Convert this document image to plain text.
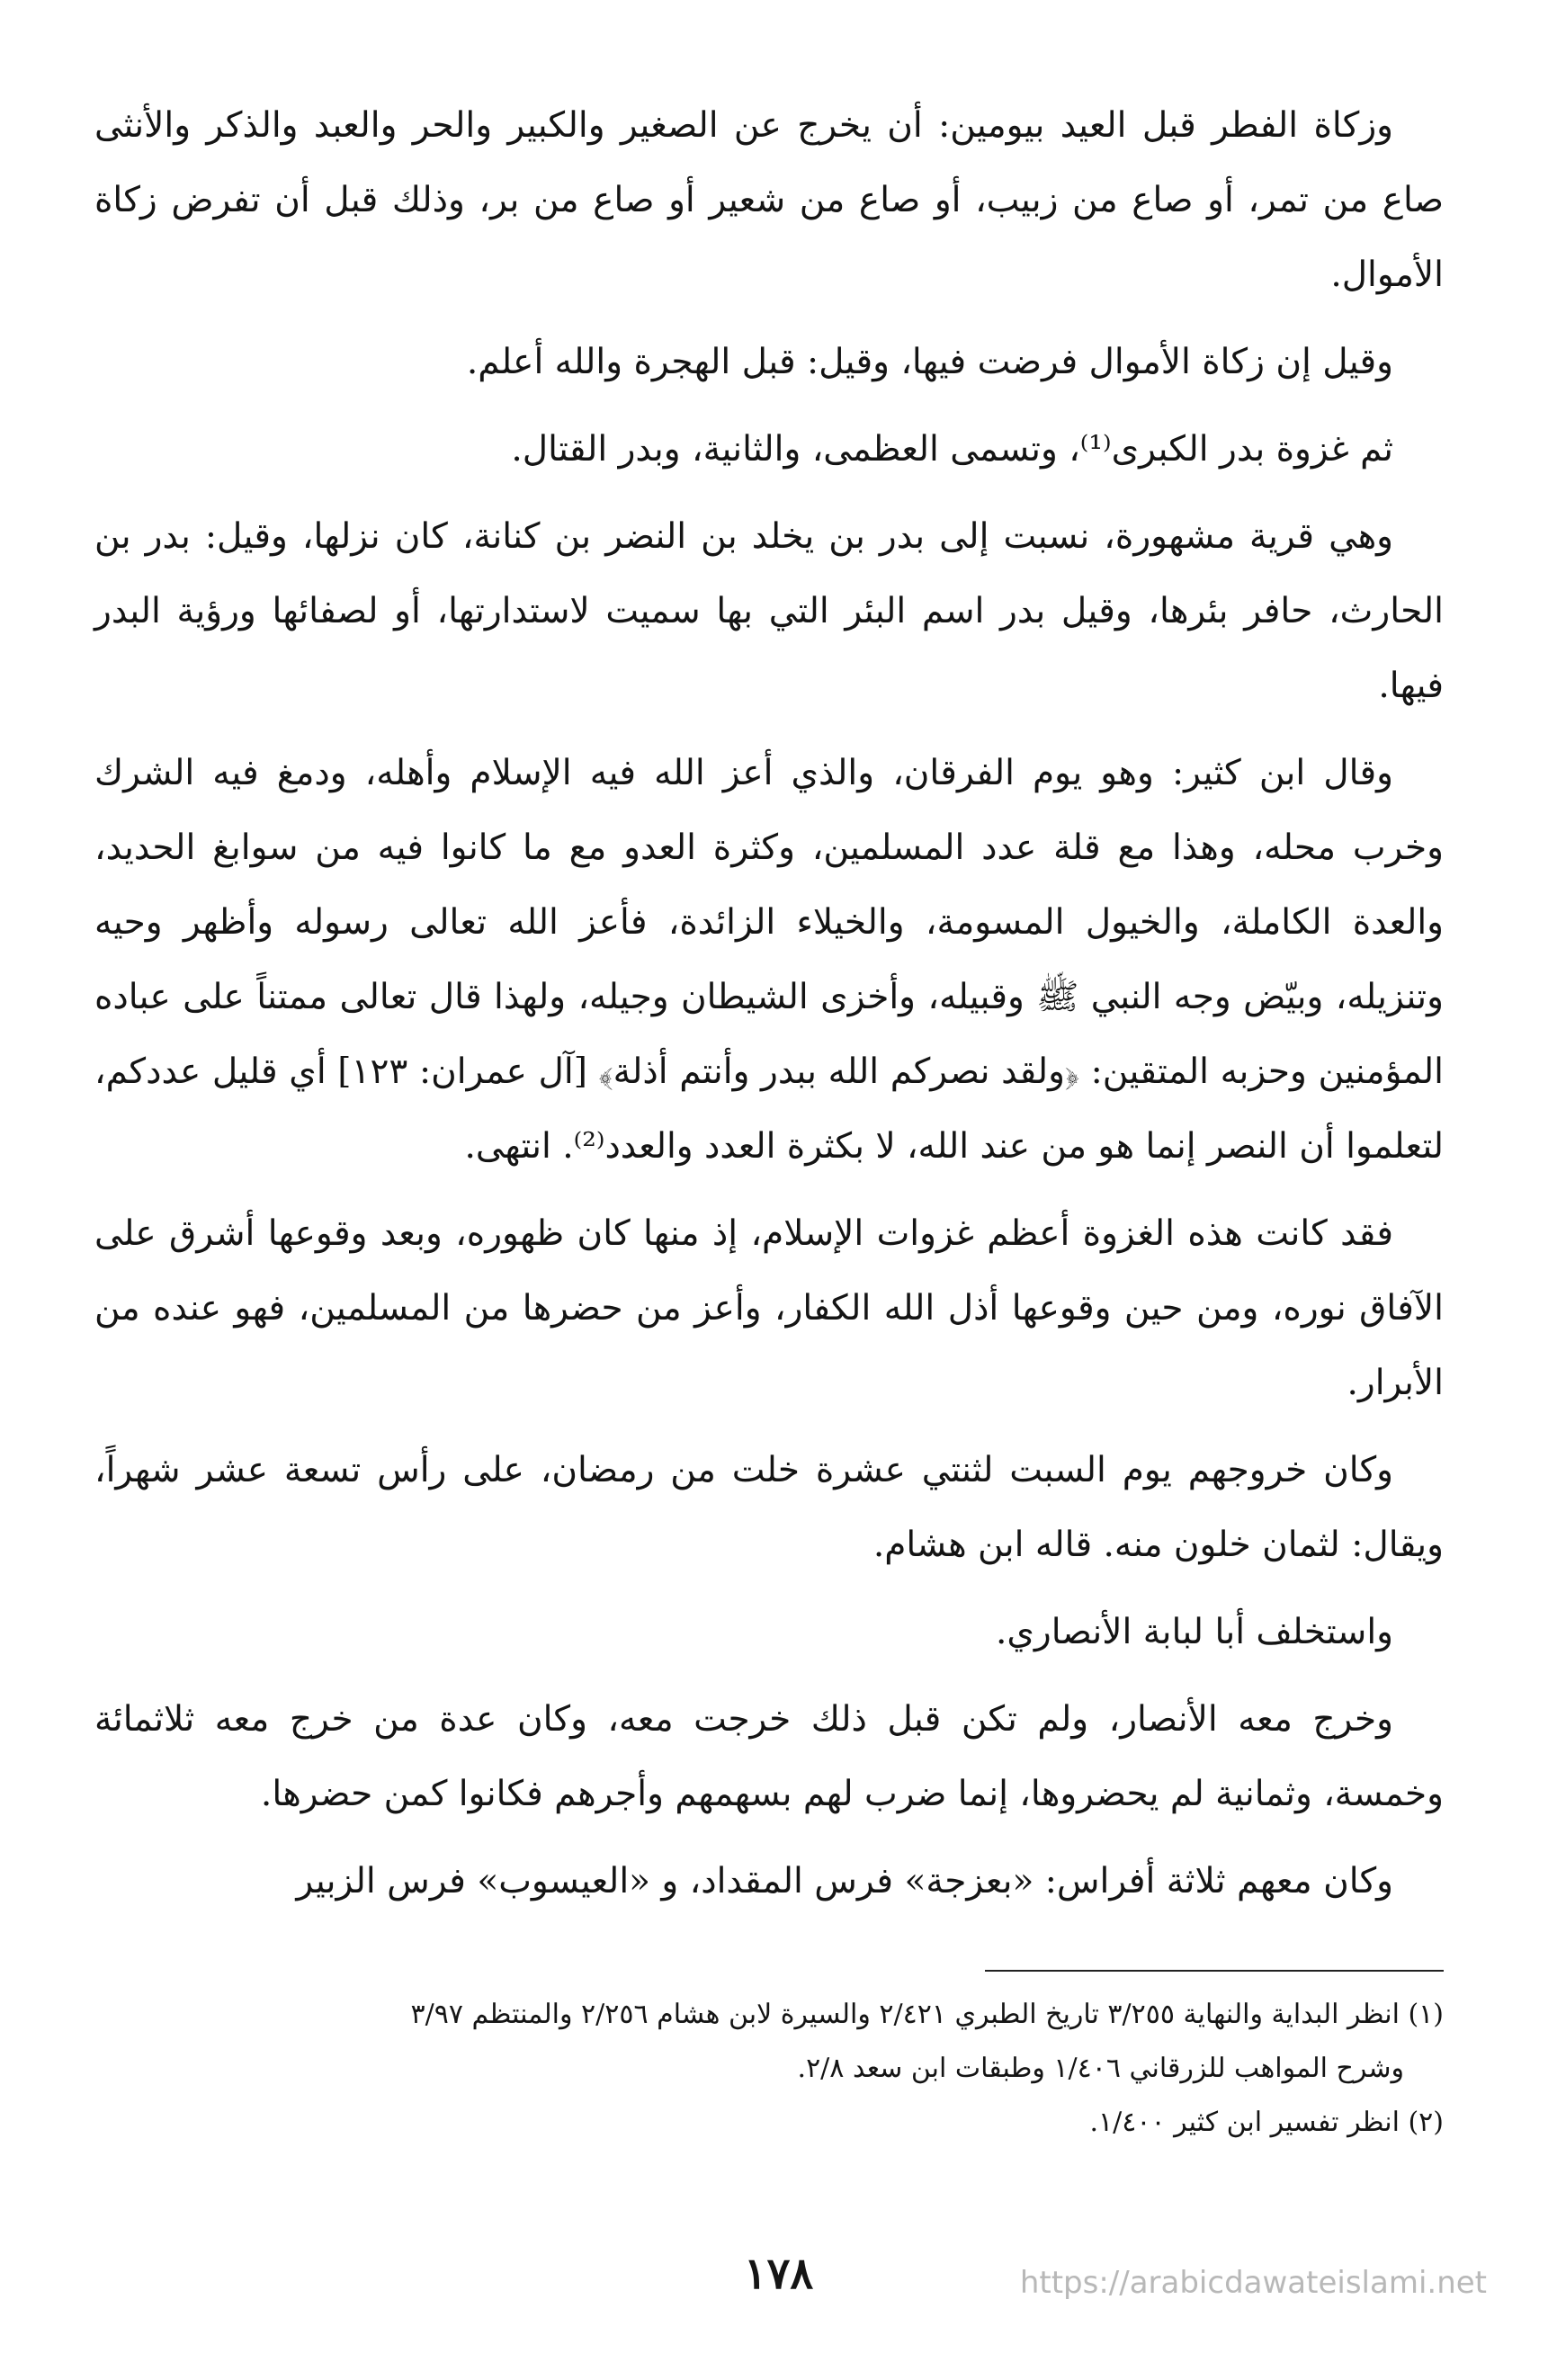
وزكاة الفطر قبل العيد بيومين: أن يخرج عن الصغير والكبير والحر والعبد والذكر والأنثى صاع من تمر، أو صاع من زبيب، أو صاع من شعير أو صاع من بر، وذلك قبل أن تفرض زكاة الأموال.

وقيل إن زكاة الأموال فرضت فيها، وقيل: قبل الهجرة والله أعلم.

ثم غزوة بدر الكبرى⁽¹⁾، وتسمى العظمى، والثانية، وبدر القتال.

وهي قرية مشهورة، نسبت إلى بدر بن يخلد بن النضر بن كنانة، كان نزلها، وقيل: بدر بن الحارث، حافر بئرها، وقيل بدر اسم البئر التي بها سميت لاستدارتها، أو لصفائها ورؤية البدر فيها.

وقال ابن كثير: وهو يوم الفرقان، والذي أعز الله فيه الإسلام وأهله، ودمغ فيه الشرك وخرب محله، وهذا مع قلة عدد المسلمين، وكثرة العدو مع ما كانوا فيه من سوابغ الحديد، والعدة الكاملة، والخيول المسومة، والخيلاء الزائدة، فأعز الله تعالى رسوله وأظهر وحيه وتنزيله، وبيّض وجه النبي ﷺ وقبيله، وأخزى الشيطان وجيله، ولهذا قال تعالى ممتناً على عباده المؤمنين وحزبه المتقين: ﴿ولقد نصركم الله ببدر وأنتم أذلة﴾ [آل عمران: ١٢٣] أي قليل عددكم، لتعلموا أن النصر إنما هو من عند الله، لا بكثرة العدد والعدد⁽²⁾. انتهى.

فقد كانت هذه الغزوة أعظم غزوات الإسلام، إذ منها كان ظهوره، وبعد وقوعها أشرق على الآفاق نوره، ومن حين وقوعها أذل الله الكفار، وأعز من حضرها من المسلمين، فهو عنده من الأبرار.

وكان خروجهم يوم السبت لثنتي عشرة خلت من رمضان، على رأس تسعة عشر شهراً، ويقال: لثمان خلون منه. قاله ابن هشام.

واستخلف أبا لبابة الأنصاري.

وخرج معه الأنصار، ولم تكن قبل ذلك خرجت معه، وكان عدة من خرج معه ثلاثمائة وخمسة، وثمانية لم يحضروها، إنما ضرب لهم بسهمهم وأجرهم فكانوا كمن حضرها.

وكان معهم ثلاثة أفراس: «بعزجة» فرس المقداد، و «العيسوب» فرس الزبير

(١) انظر البداية والنهاية ٣/٢٥٥ تاريخ الطبري ٢/٤٢١ والسيرة لابن هشام ٢/٢٥٦ والمنتظم ٣/٩٧
وشرح المواهب للزرقاني ١/٤٠٦ وطبقات ابن سعد ٢/٨.

(٢) انظر تفسير ابن كثير ١/٤٠٠.

١٧٨	https://arabicdawateislami.net
